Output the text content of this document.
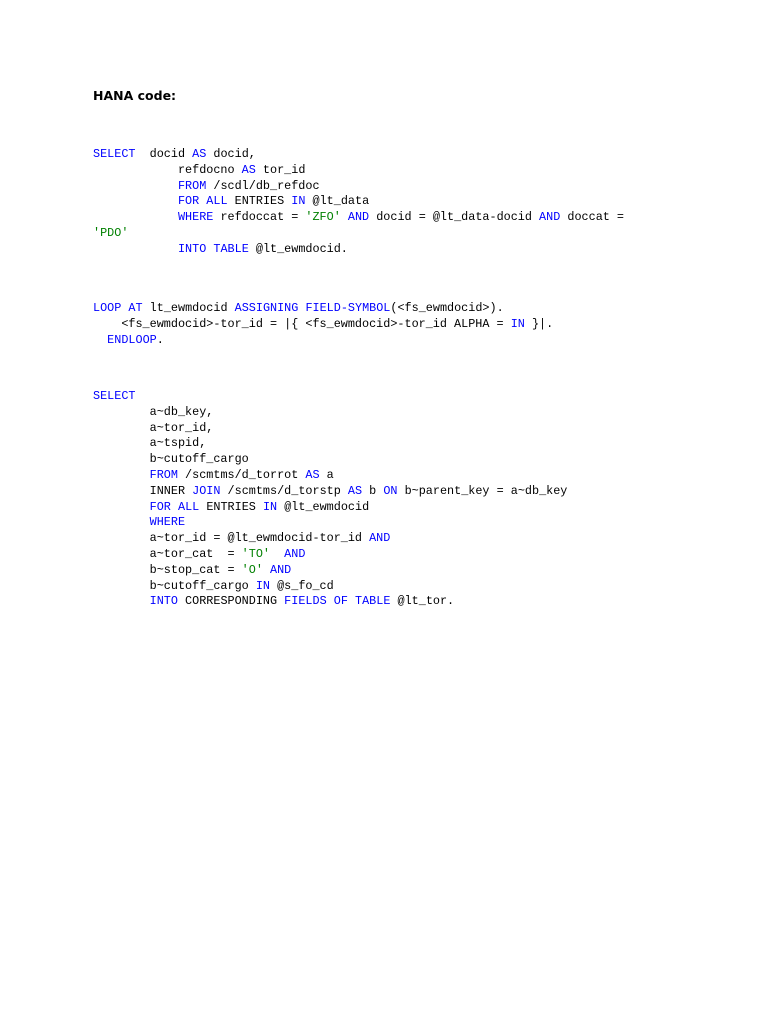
HANA code:
SELECT  docid AS docid,
refdocno AS tor_id
FROM /scdl/db_refdoc
FOR ALL ENTRIES IN @lt_data
WHERE refdoccat = 'ZFO' AND docid = @lt_data-docid AND doccat =
'PDO'
INTO TABLE @lt_ewmdocid.
LOOP AT lt_ewmdocid ASSIGNING FIELD-SYMBOL(<fs_ewmdocid>).
<fs_ewmdocid>-tor_id = |{ <fs_ewmdocid>-tor_id ALPHA = IN }|.
ENDLOOP.
SELECT
a~db_key,
a~tor_id,
a~tspid,
b~cutoff_cargo
FROM /scmtms/d_torrot AS a
INNER JOIN /scmtms/d_torstp AS b ON b~parent_key = a~db_key
FOR ALL ENTRIES IN @lt_ewmdocid
WHERE
a~tor_id = @lt_ewmdocid-tor_id AND
a~tor_cat  = 'TO' AND
b~stop_cat = 'O' AND
b~cutoff_cargo IN @s_fo_cd
INTO CORRESPONDING FIELDS OF TABLE @lt_tor.
